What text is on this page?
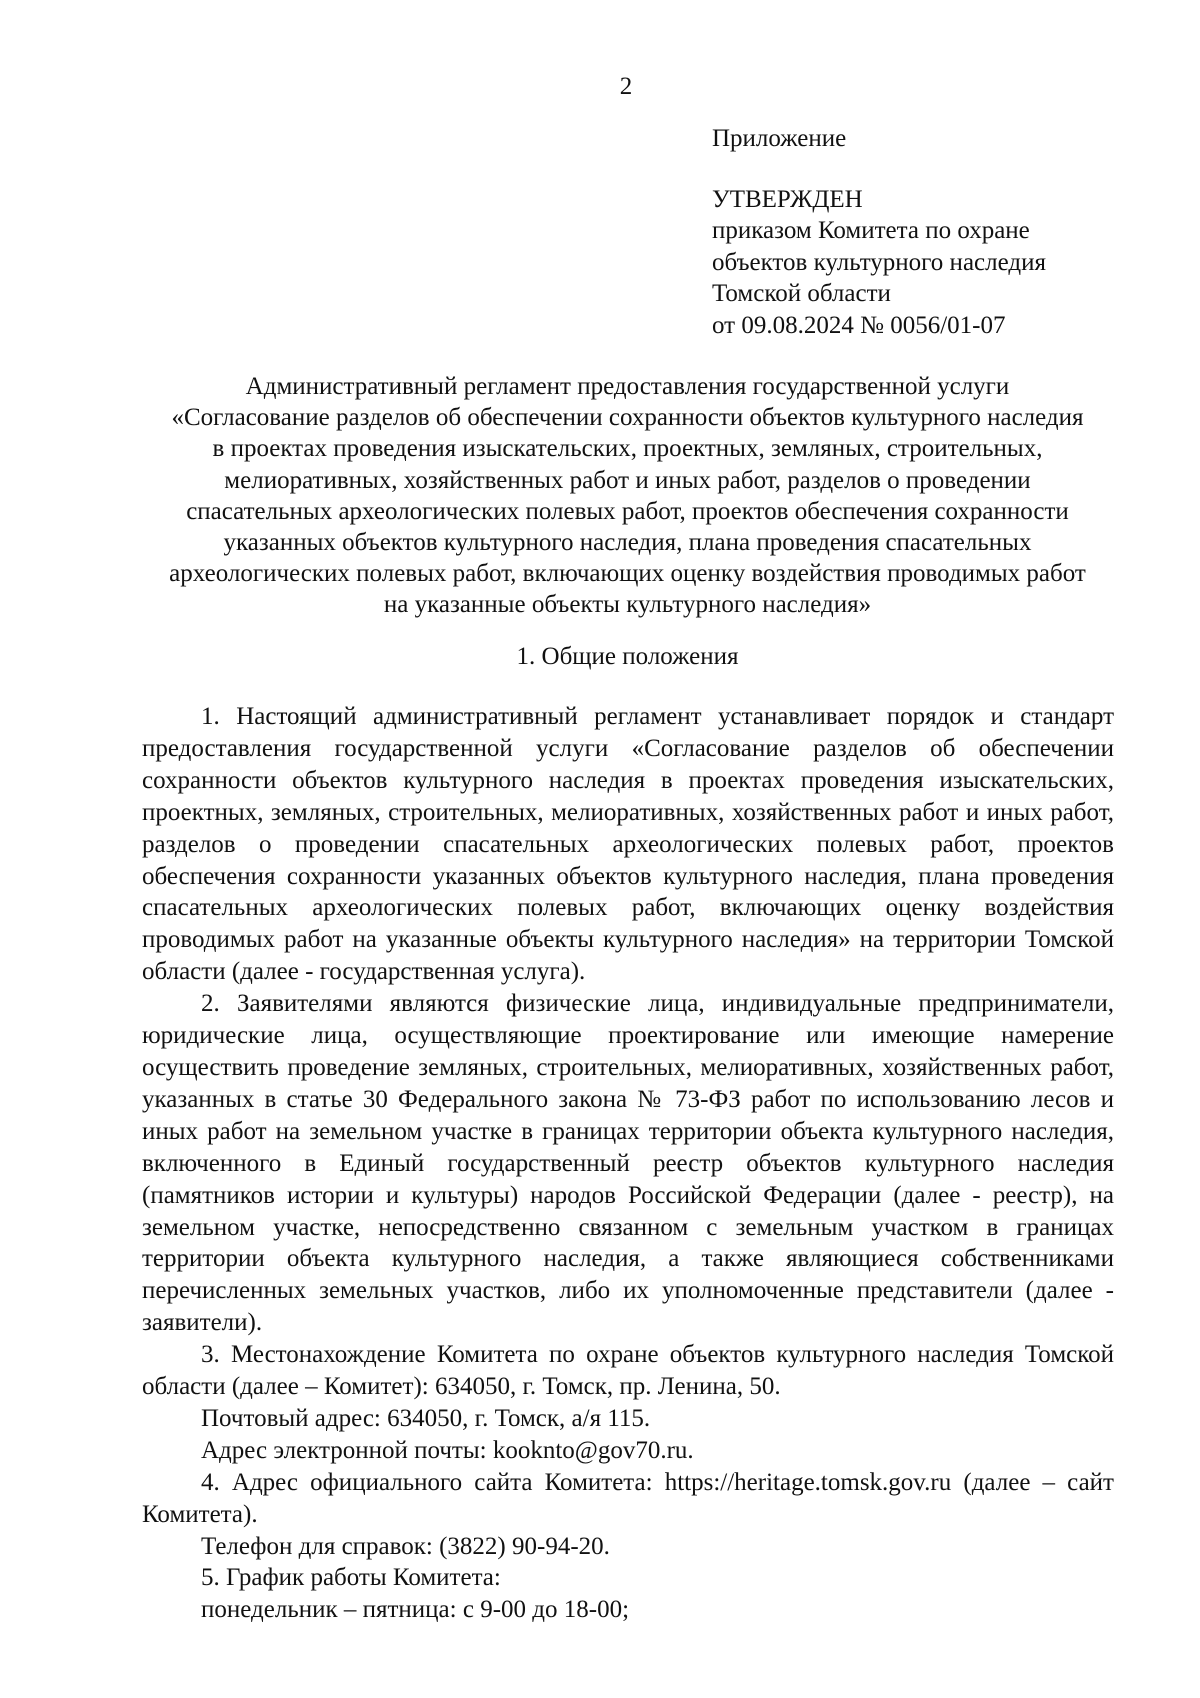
2
Приложение
УТВЕРЖДЕН
приказом Комитета по охране
объектов культурного наследия
Томской области
от 09.08.2024 № 0056/01-07
Административный регламент предоставления государственной услуги
«Согласование разделов об обеспечении сохранности объектов культурного наследия
в проектах проведения изыскательских, проектных, земляных, строительных,
мелиоративных, хозяйственных работ и иных работ, разделов о проведении
спасательных археологических полевых работ, проектов обеспечения сохранности
указанных объектов культурного наследия, плана проведения спасательных
археологических полевых работ, включающих оценку воздействия проводимых работ
на указанные объекты культурного наследия»
1. Общие положения

1. Настоящий административный регламент устанавливает порядок и стандарт предоставления государственной услуги «Согласование разделов об обеспечении сохранности объектов культурного наследия в проектах проведения изыскательских, проектных, земляных, строительных, мелиоративных, хозяйственных работ и иных работ, разделов о проведении спасательных археологических полевых работ, проектов обеспечения сохранности указанных объектов культурного наследия, плана проведения спасательных археологических полевых работ, включающих оценку воздействия проводимых работ на указанные объекты культурного наследия» на территории Томской области (далее - государственная услуга).

2. Заявителями являются физические лица, индивидуальные предприниматели, юридические лица, осуществляющие проектирование или имеющие намерение осуществить проведение земляных, строительных, мелиоративных, хозяйственных работ, указанных в статье 30 Федерального закона № 73-ФЗ работ по использованию лесов и иных работ на земельном участке в границах территории объекта культурного наследия, включенного в Единый государственный реестр объектов культурного наследия (памятников истории и культуры) народов Российской Федерации (далее - реестр), на земельном участке, непосредственно связанном с земельным участком в границах территории объекта культурного наследия, а также являющиеся собственниками перечисленных земельных участков, либо их уполномоченные представители (далее - заявители).

3. Местонахождение Комитета по охране объектов культурного наследия Томской области (далее – Комитет): 634050, г. Томск, пр. Ленина, 50.

Почтовый адрес: 634050, г. Томск, а/я 115.

Адрес электронной почты: kooknto@gov70.ru.

4. Адрес официального сайта Комитета: https://heritage.tomsk.gov.ru (далее – сайт Комитета).

Телефон для справок: (3822) 90-94-20.

5. График работы Комитета:

понедельник – пятница: с 9-00 до 18-00;
